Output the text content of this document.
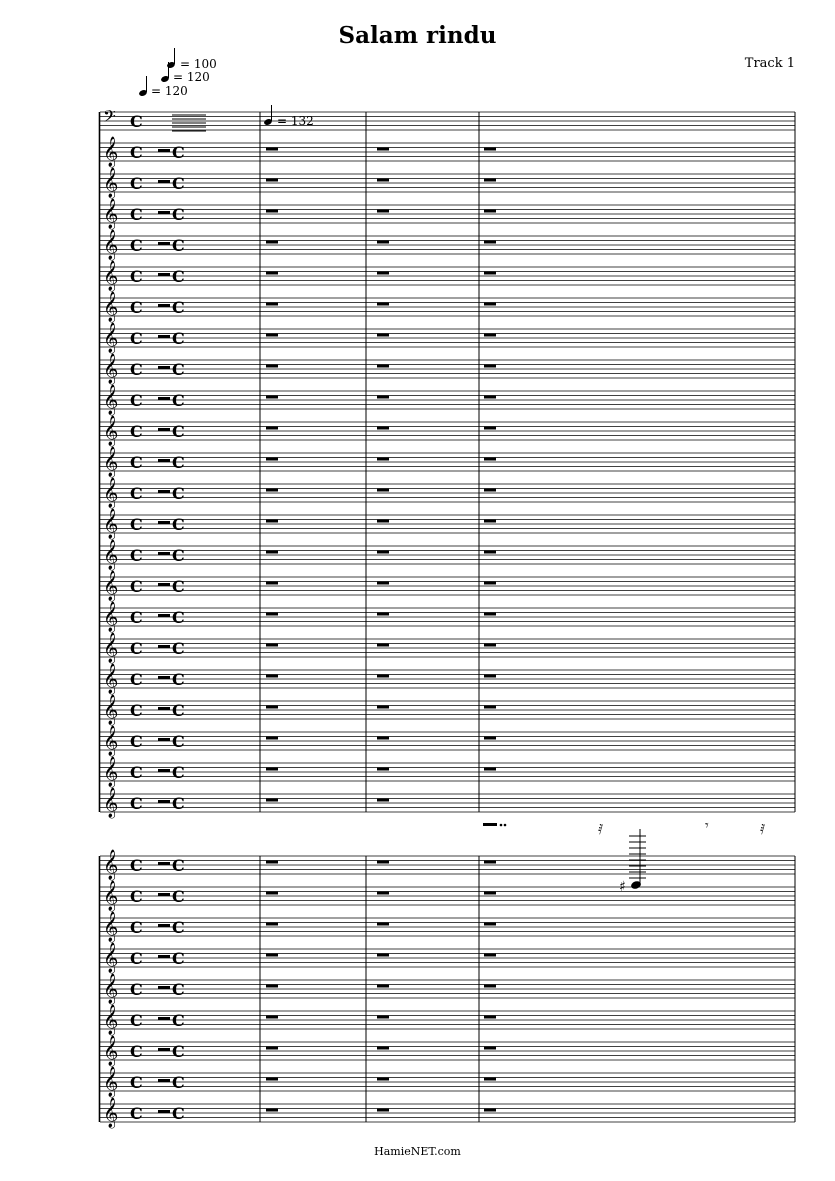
Salam rindu
Track 1
HamieNET.com
𝄢 C
𝄞 C C
𝄞 C C
𝄞 C C
𝄞 C C
𝄞 C C
𝄞 C C
𝄞 C C
𝄞 C C
𝄞 C C
𝄞 C C
𝄞 C C
𝄞 C C
𝄞 C C
𝄞 C C
𝄞 C C
𝄞 C C
𝄞 C C
𝄞 C C
𝄞 C C
𝄞 C C
𝄞 C C
𝄞 C C
𝄞 C C
𝄞 C C
𝄞 C C
𝄞 C C
𝄞 C C
𝄞 C C
𝄞 C C
𝄞 C C
𝄞 C C
= 100
= 120
= 120
= 132
𝅀	𝄾	𝅀
♯
